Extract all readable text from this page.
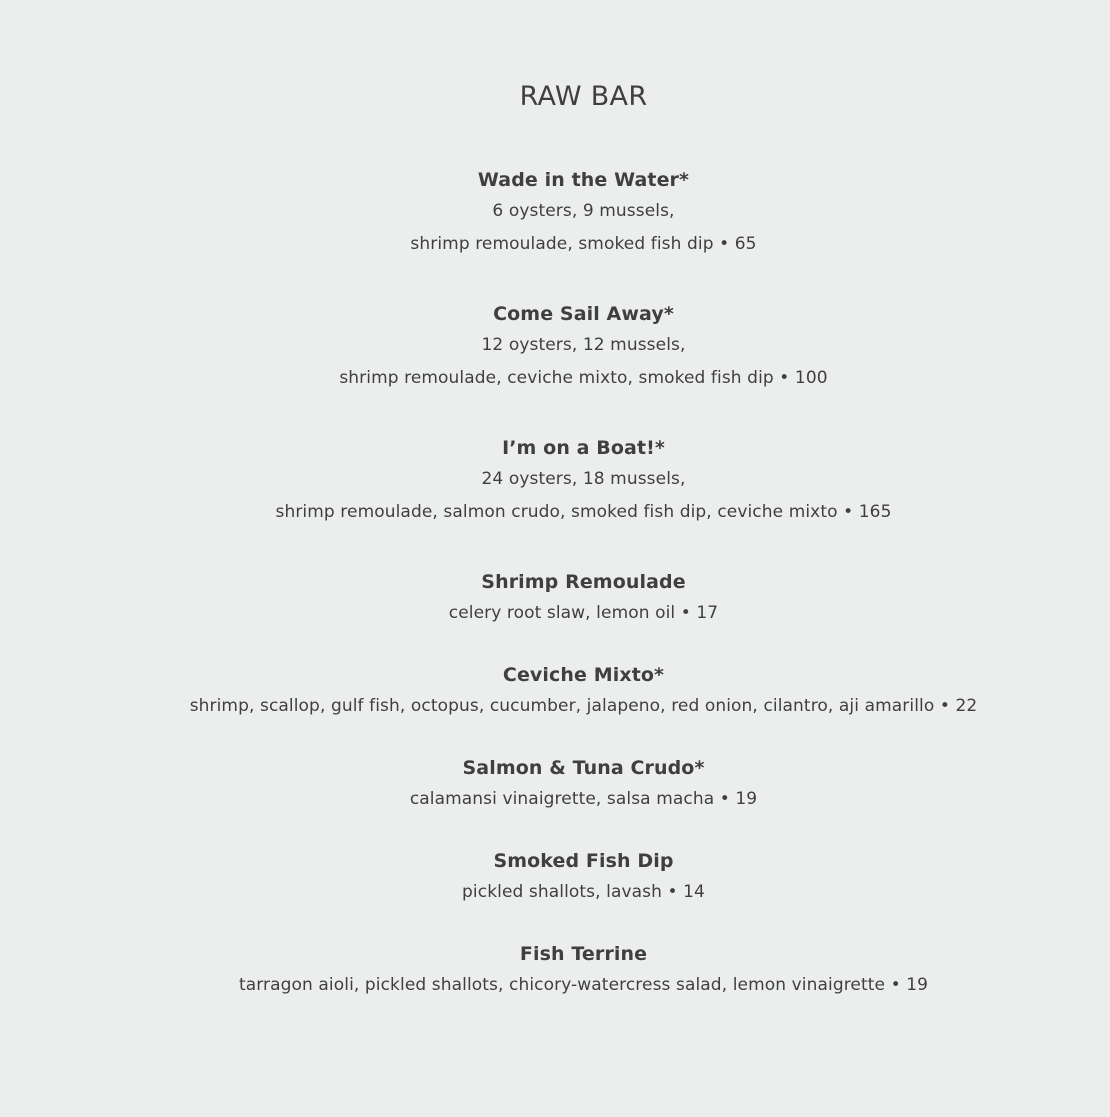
RAW BAR
Wade in the Water*
6 oysters, 9 mussels,
shrimp remoulade, smoked fish dip • 65
Come Sail Away*
12 oysters, 12 mussels,
shrimp remoulade, ceviche mixto, smoked fish dip • 100
I’m on a Boat!*
24 oysters, 18 mussels,
shrimp remoulade, salmon crudo, smoked fish dip, ceviche mixto • 165
Shrimp Remoulade
celery root slaw, lemon oil • 17
Ceviche Mixto*
shrimp, scallop, gulf fish, octopus, cucumber, jalapeno, red onion, cilantro, aji amarillo • 22
Salmon & Tuna Crudo*
calamansi vinaigrette, salsa macha • 19
Smoked Fish Dip
pickled shallots, lavash • 14
Fish Terrine
tarragon aioli, pickled shallots, chicory-watercress salad, lemon vinaigrette • 19
